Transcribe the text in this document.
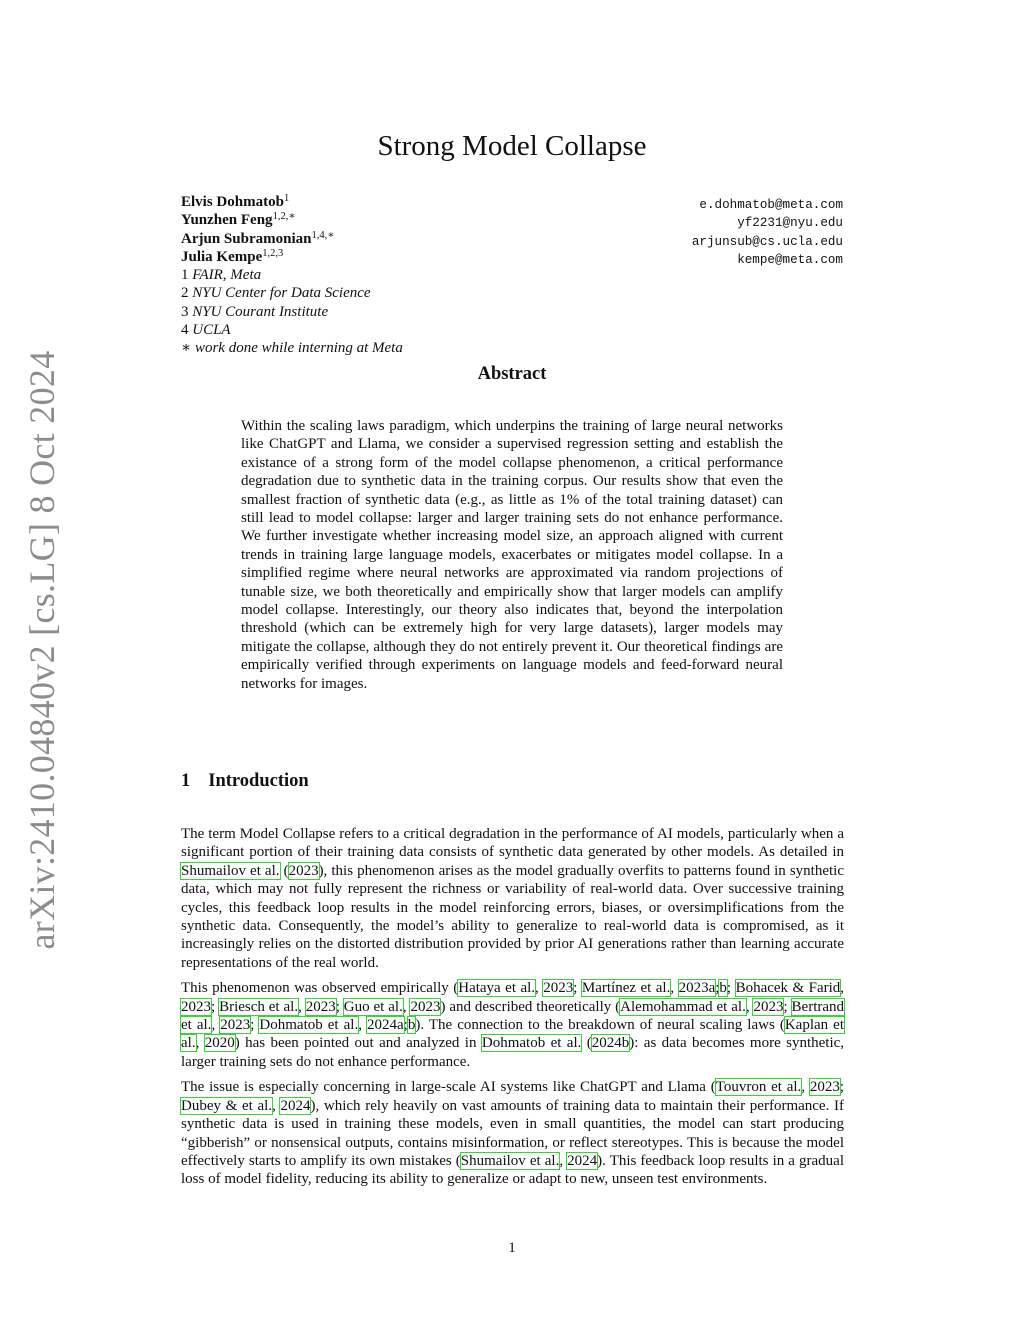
arXiv:2410.04840v2 [cs.LG] 8 Oct 2024
Strong Model Collapse
Elvis Dohmatob$^1$
Yunzhen Feng$^{1,2,∗}$
Arjun Subramonian$^{1,4,∗}$
Julia Kempe$^{1,2,3}$
1 FAIR, Meta
2 NYU Center for Data Science
3 NYU Courant Institute
4 UCLA
∗ work done while interning at Meta
e.dohmatob@meta.com
yf2231@nyu.edu
arjunsub@cs.ucla.edu
kempe@meta.com
Abstract

Within the scaling laws paradigm, which underpins the training of large neural networks like ChatGPT and Llama, we consider a supervised regression setting and establish the existance of a strong form of the model collapse phenomenon, a critical performance degradation due to synthetic data in the training corpus. Our results show that even the smallest fraction of synthetic data (e.g., as little as 1% of the total training dataset) can still lead to model collapse: larger and larger training sets do not enhance performance. We further investigate whether increasing model size, an approach aligned with current trends in training large language models, exacerbates or mitigates model collapse. In a simplified regime where neural networks are approximated via random projections of tunable size, we both theoretically and empirically show that larger models can amplify model collapse. Interestingly, our theory also indicates that, beyond the interpolation threshold (which can be extremely high for very large datasets), larger models may mitigate the collapse, although they do not entirely prevent it. Our theoretical findings are empirically verified through experiments on language models and feed-forward neural networks for images.

1 Introduction

The term Model Collapse refers to a critical degradation in the performance of AI models, particularly when a significant portion of their training data consists of synthetic data generated by other models. As detailed in Shumailov et al. (2023), this phenomenon arises as the model gradually overfits to patterns found in synthetic data, which may not fully represent the richness or variability of real-world data. Over successive training cycles, this feedback loop results in the model reinforcing errors, biases, or oversimplifications from the synthetic data. Consequently, the model’s ability to generalize to real-world data is compromised, as it increasingly relies on the distorted distribution provided by prior AI generations rather than learning accurate representations of the real world.

This phenomenon was observed empirically (Hataya et al., 2023; Martínez et al., 2023a;b; Bohacek & Farid, 2023; Briesch et al., 2023; Guo et al., 2023) and described theoretically (Alemohammad et al., 2023; Bertrand et al., 2023; Dohmatob et al., 2024a;b). The connection to the breakdown of neural scaling laws (Kaplan et al., 2020) has been pointed out and analyzed in Dohmatob et al. (2024b): as data becomes more synthetic, larger training sets do not enhance performance.

The issue is especially concerning in large-scale AI systems like ChatGPT and Llama (Touvron et al., 2023; Dubey & et al., 2024), which rely heavily on vast amounts of training data to maintain their performance. If synthetic data is used in training these models, even in small quantities, the model can start producing “gibberish” or nonsensical outputs, contains misinformation, or reflect stereotypes. This is because the model effectively starts to amplify its own mistakes (Shumailov et al., 2024). This feedback loop results in a gradual loss of model fidelity, reducing its ability to generalize or adapt to new, unseen test environments.

1
